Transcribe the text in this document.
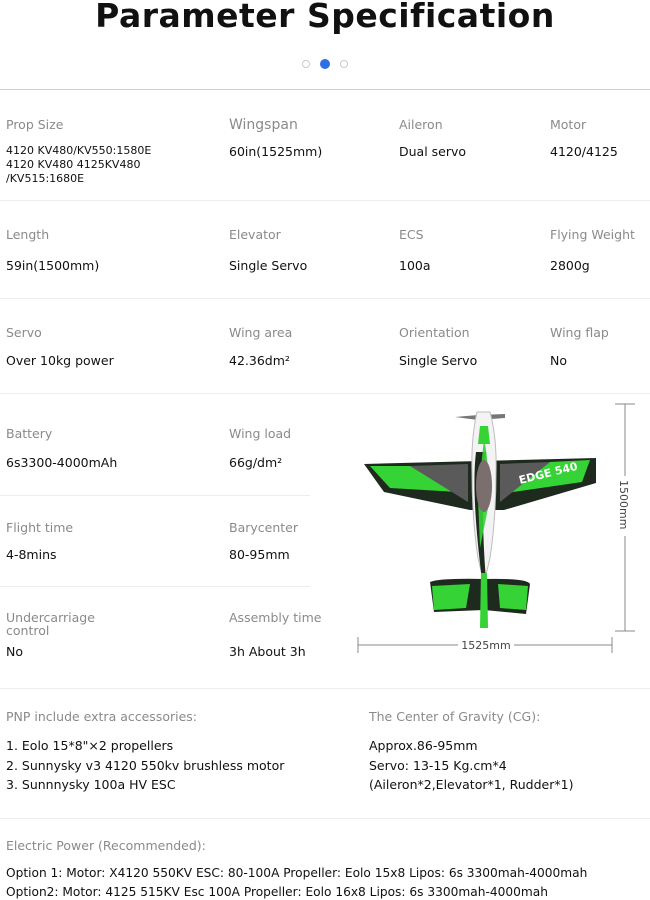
Parameter Specification
Prop Size
4120 KV480/KV550:1580E
4120 KV480 4125KV480
/KV515:1680E
Wingspan
60in(1525mm)
Aileron
Dual servo
Motor
4120/4125
Length
59in(1500mm)
Elevator
Single Servo
ECS
100a
Flying Weight
2800g
Servo
Over 10kg power
Wing area
42.36dm²
Orientation
Single Servo
Wing flap
No
Battery
6s3300-4000mAh
Wing load
66g/dm²
Flight time
4-8mins
Barycenter
80-95mm
Undercarriage
control
No
Assembly time
3h About 3h
1500mm
1525mm
EDGE 540
PNP include extra accessories:
1. Eolo 15*8"×2 propellers
2. Sunnysky v3 4120 550kv brushless motor
3. Sunnnysky 100a HV ESC
The Center of Gravity (CG):
Approx.86-95mm
Servo: 13-15 Kg.cm*4
(Aileron*2,Elevator*1, Rudder*1)
Electric Power (Recommended):
Option 1: Motor: X4120 550KV ESC: 80-100A Propeller: Eolo 15x8 Lipos: 6s 3300mah-4000mah
Option2: Motor: 4125 515KV Esc 100A Propeller: Eolo 16x8 Lipos: 6s 3300mah-4000mah
